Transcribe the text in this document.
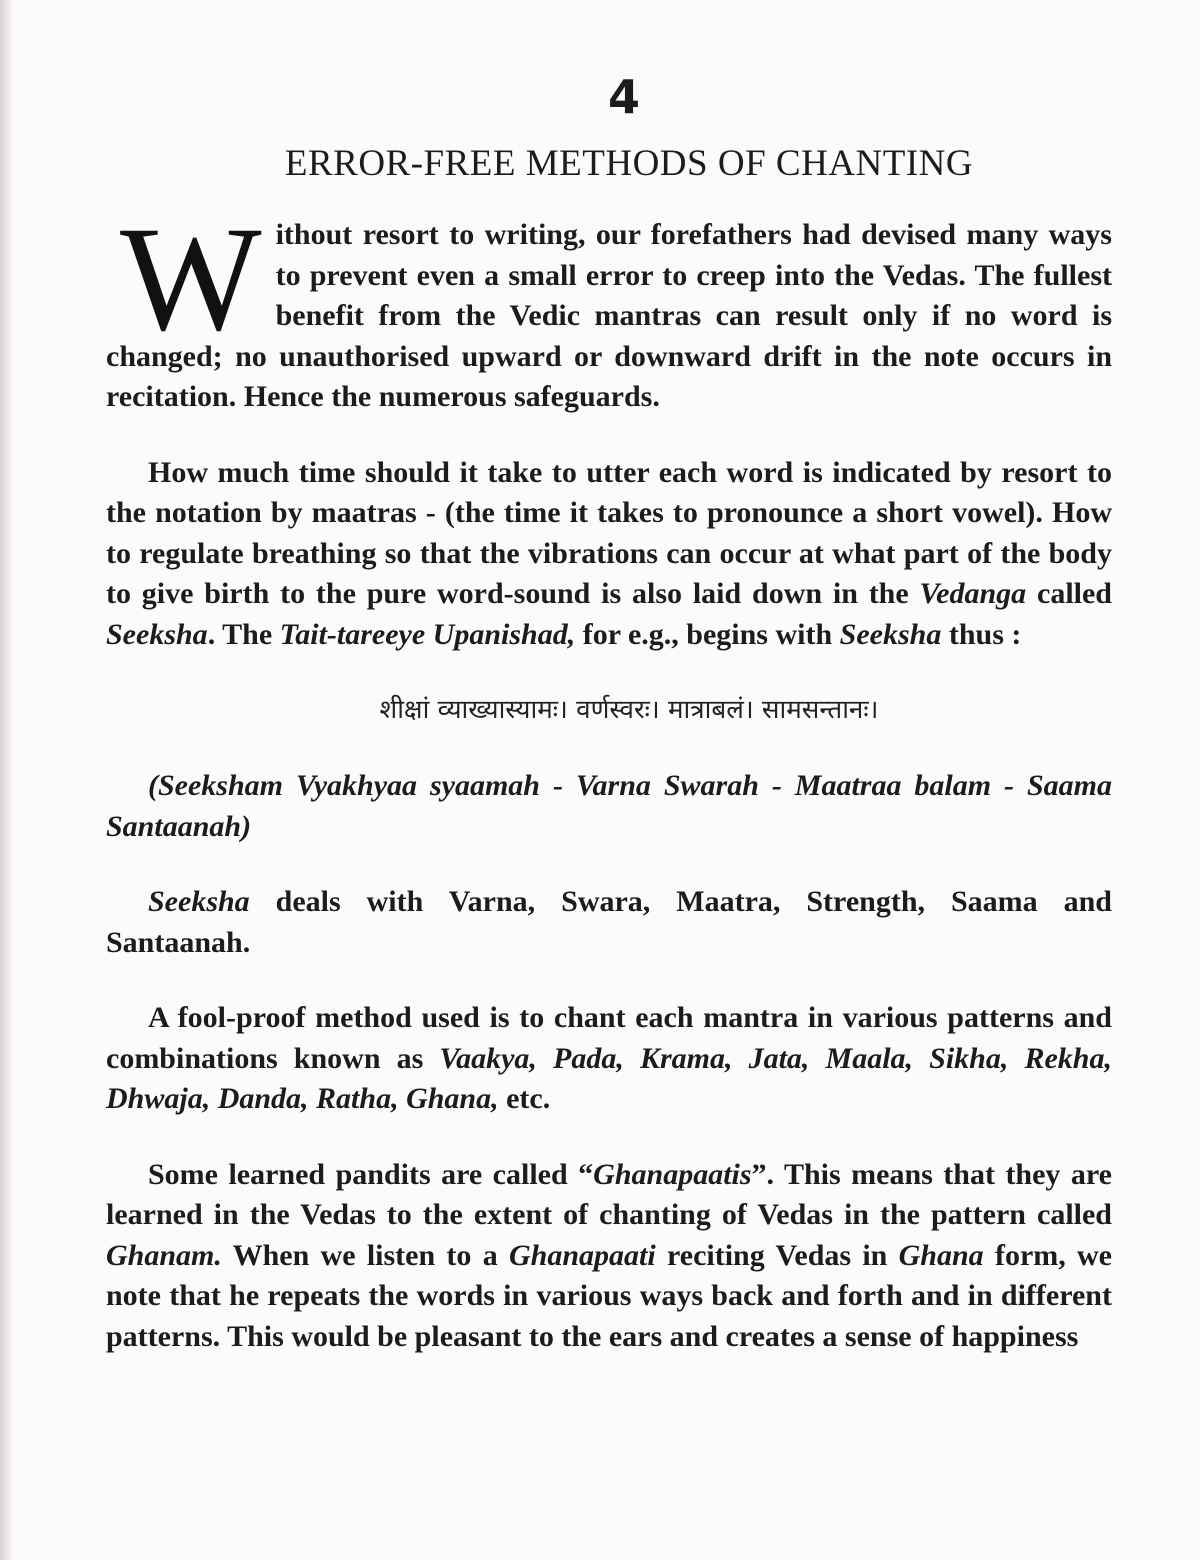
4
ERROR-FREE METHODS OF CHANTING

Without resort to writing, our forefathers had devised many ways to prevent even a small error to creep into the Vedas. The fullest benefit from the Vedic mantras can result only if no word is changed; no unauthorised upward or downward drift in the note occurs in recitation. Hence the numerous safeguards.

How much time should it take to utter each word is indicated by resort to the notation by maatras - (the time it takes to pronounce a short vowel). How to regulate breathing so that the vibrations can occur at what part of the body to give birth to the pure word-sound is also laid down in the Vedanga called Seeksha. The Tait-tareeye Upanishad, for e.g., begins with Seeksha thus :

शीक्षां व्याख्यास्यामः। वर्णस्वरः। मात्राबलं। सामसन्तानः।

(Seeksham Vyakhyaa syaamah - Varna Swarah - Maatraa balam - Saama Santaanah)

Seeksha deals with Varna, Swara, Maatra, Strength, Saama and Santaanah.

A fool-proof method used is to chant each mantra in various patterns and combinations known as Vaakya, Pada, Krama, Jata, Maala, Sikha, Rekha, Dhwaja, Danda, Ratha, Ghana, etc.

Some learned pandits are called “Ghanapaatis”. This means that they are learned in the Vedas to the extent of chanting of Vedas in the pattern called Ghanam. When we listen to a Ghanapaati reciting Vedas in Ghana form, we note that he repeats the words in various ways back and forth and in different patterns. This would be pleasant to the ears and creates a sense of happiness
